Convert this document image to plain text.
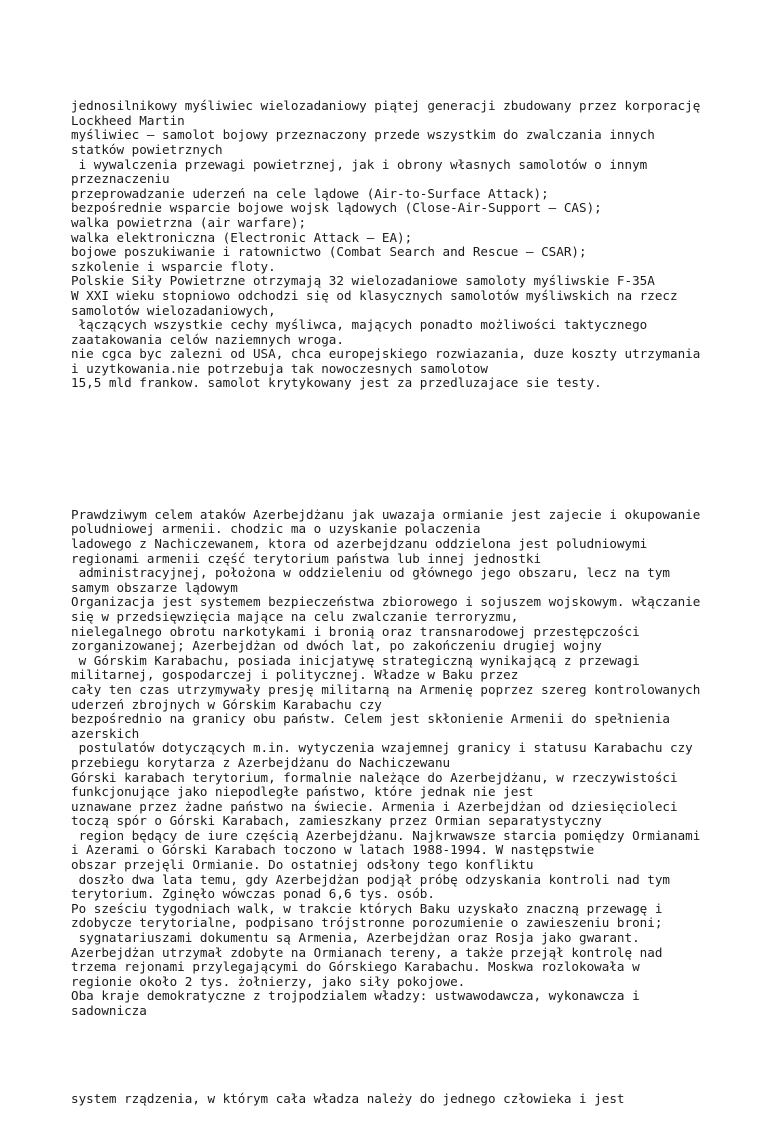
jednosilnikowy myśliwiec wielozadaniowy piątej generacji zbudowany przez korporację
Lockheed Martin
myśliwiec – samolot bojowy przeznaczony przede wszystkim do zwalczania innych
statków powietrznych
i wywalczenia przewagi powietrznej, jak i obrony własnych samolotów o innym
przeznaczeniu
przeprowadzanie uderzeń na cele lądowe (Air-to-Surface Attack);
bezpośrednie wsparcie bojowe wojsk lądowych (Close-Air-Support – CAS);
walka powietrzna (air warfare);
walka elektroniczna (Electronic Attack – EA);
bojowe poszukiwanie i ratownictwo (Combat Search and Rescue – CSAR);
szkolenie i wsparcie floty.
Polskie Siły Powietrzne otrzymają 32 wielozadaniowe samoloty myśliwskie F-35A
W XXI wieku stopniowo odchodzi się od klasycznych samolotów myśliwskich na rzecz
samolotów wielozadaniowych,
łączących wszystkie cechy myśliwca, mających ponadto możliwości taktycznego
zaatakowania celów naziemnych wroga.
nie cgca byc zalezni od USA, chca europejskiego rozwiazania, duze koszty utrzymania
i uzytkowania.nie potrzebuja tak nowoczesnych samolotow
15,5 mld frankow. samolot krytykowany jest za przedluzajace sie testy.

Prawdziwym celem ataków Azerbejdżanu jak uwazaja ormianie jest zajecie i okupowanie
poludniowej armenii. chodzic ma o uzyskanie polaczenia
ladowego z Nachiczewanem, ktora od azerbejdzanu oddzielona jest poludniowymi
regionami armenii część terytorium państwa lub innej jednostki
administracyjnej, położona w oddzieleniu od głównego jego obszaru, lecz na tym
samym obszarze lądowym
Organizacja jest systemem bezpieczeństwa zbiorowego i sojuszem wojskowym. włączanie
się w przedsięwzięcia mające na celu zwalczanie terroryzmu,
nielegalnego obrotu narkotykami i bronią oraz transnarodowej przestępczości
zorganizowanej; Azerbejdżan od dwóch lat, po zakończeniu drugiej wojny
w Górskim Karabachu, posiada inicjatywę strategiczną wynikającą z przewagi
militarnej, gospodarczej i politycznej. Władze w Baku przez
cały ten czas utrzymywały presję militarną na Armenię poprzez szereg kontrolowanych
uderzeń zbrojnych w Górskim Karabachu czy
bezpośrednio na granicy obu państw. Celem jest skłonienie Armenii do spełnienia
azerskich
postulatów dotyczących m.in. wytyczenia wzajemnej granicy i statusu Karabachu czy
przebiegu korytarza z Azerbejdżanu do Nachiczewanu
Górski karabach terytorium, formalnie należące do Azerbejdżanu, w rzeczywistości
funkcjonujące jako niepodległe państwo, które jednak nie jest
uznawane przez żadne państwo na świecie. Armenia i Azerbejdżan od dziesięcioleci
toczą spór o Górski Karabach, zamieszkany przez Ormian separatystyczny
region będący de iure częścią Azerbejdżanu. Najkrwawsze starcia pomiędzy Ormianami
i Azerami o Górski Karabach toczono w latach 1988-1994. W następstwie
obszar przejęli Ormianie. Do ostatniej odsłony tego konfliktu
doszło dwa lata temu, gdy Azerbejdżan podjął próbę odzyskania kontroli nad tym
terytorium. Zginęło wówczas ponad 6,6 tys. osób.
Po sześciu tygodniach walk, w trakcie których Baku uzyskało znaczną przewagę i
zdobycze terytorialne, podpisano trójstronne porozumienie o zawieszeniu broni;
sygnatariuszami dokumentu są Armenia, Azerbejdżan oraz Rosja jako gwarant.
Azerbejdżan utrzymał zdobyte na Ormianach tereny, a także przejął kontrolę nad
trzema rejonami przylegającymi do Górskiego Karabachu. Moskwa rozlokowała w
regionie około 2 tys. żołnierzy, jako siły pokojowe.
Oba kraje demokratyczne z trojpodzialem władzy: ustwawodawcza, wykonawcza i
sadownicza

system rządzenia, w którym cała władza należy do jednego człowieka i jest
